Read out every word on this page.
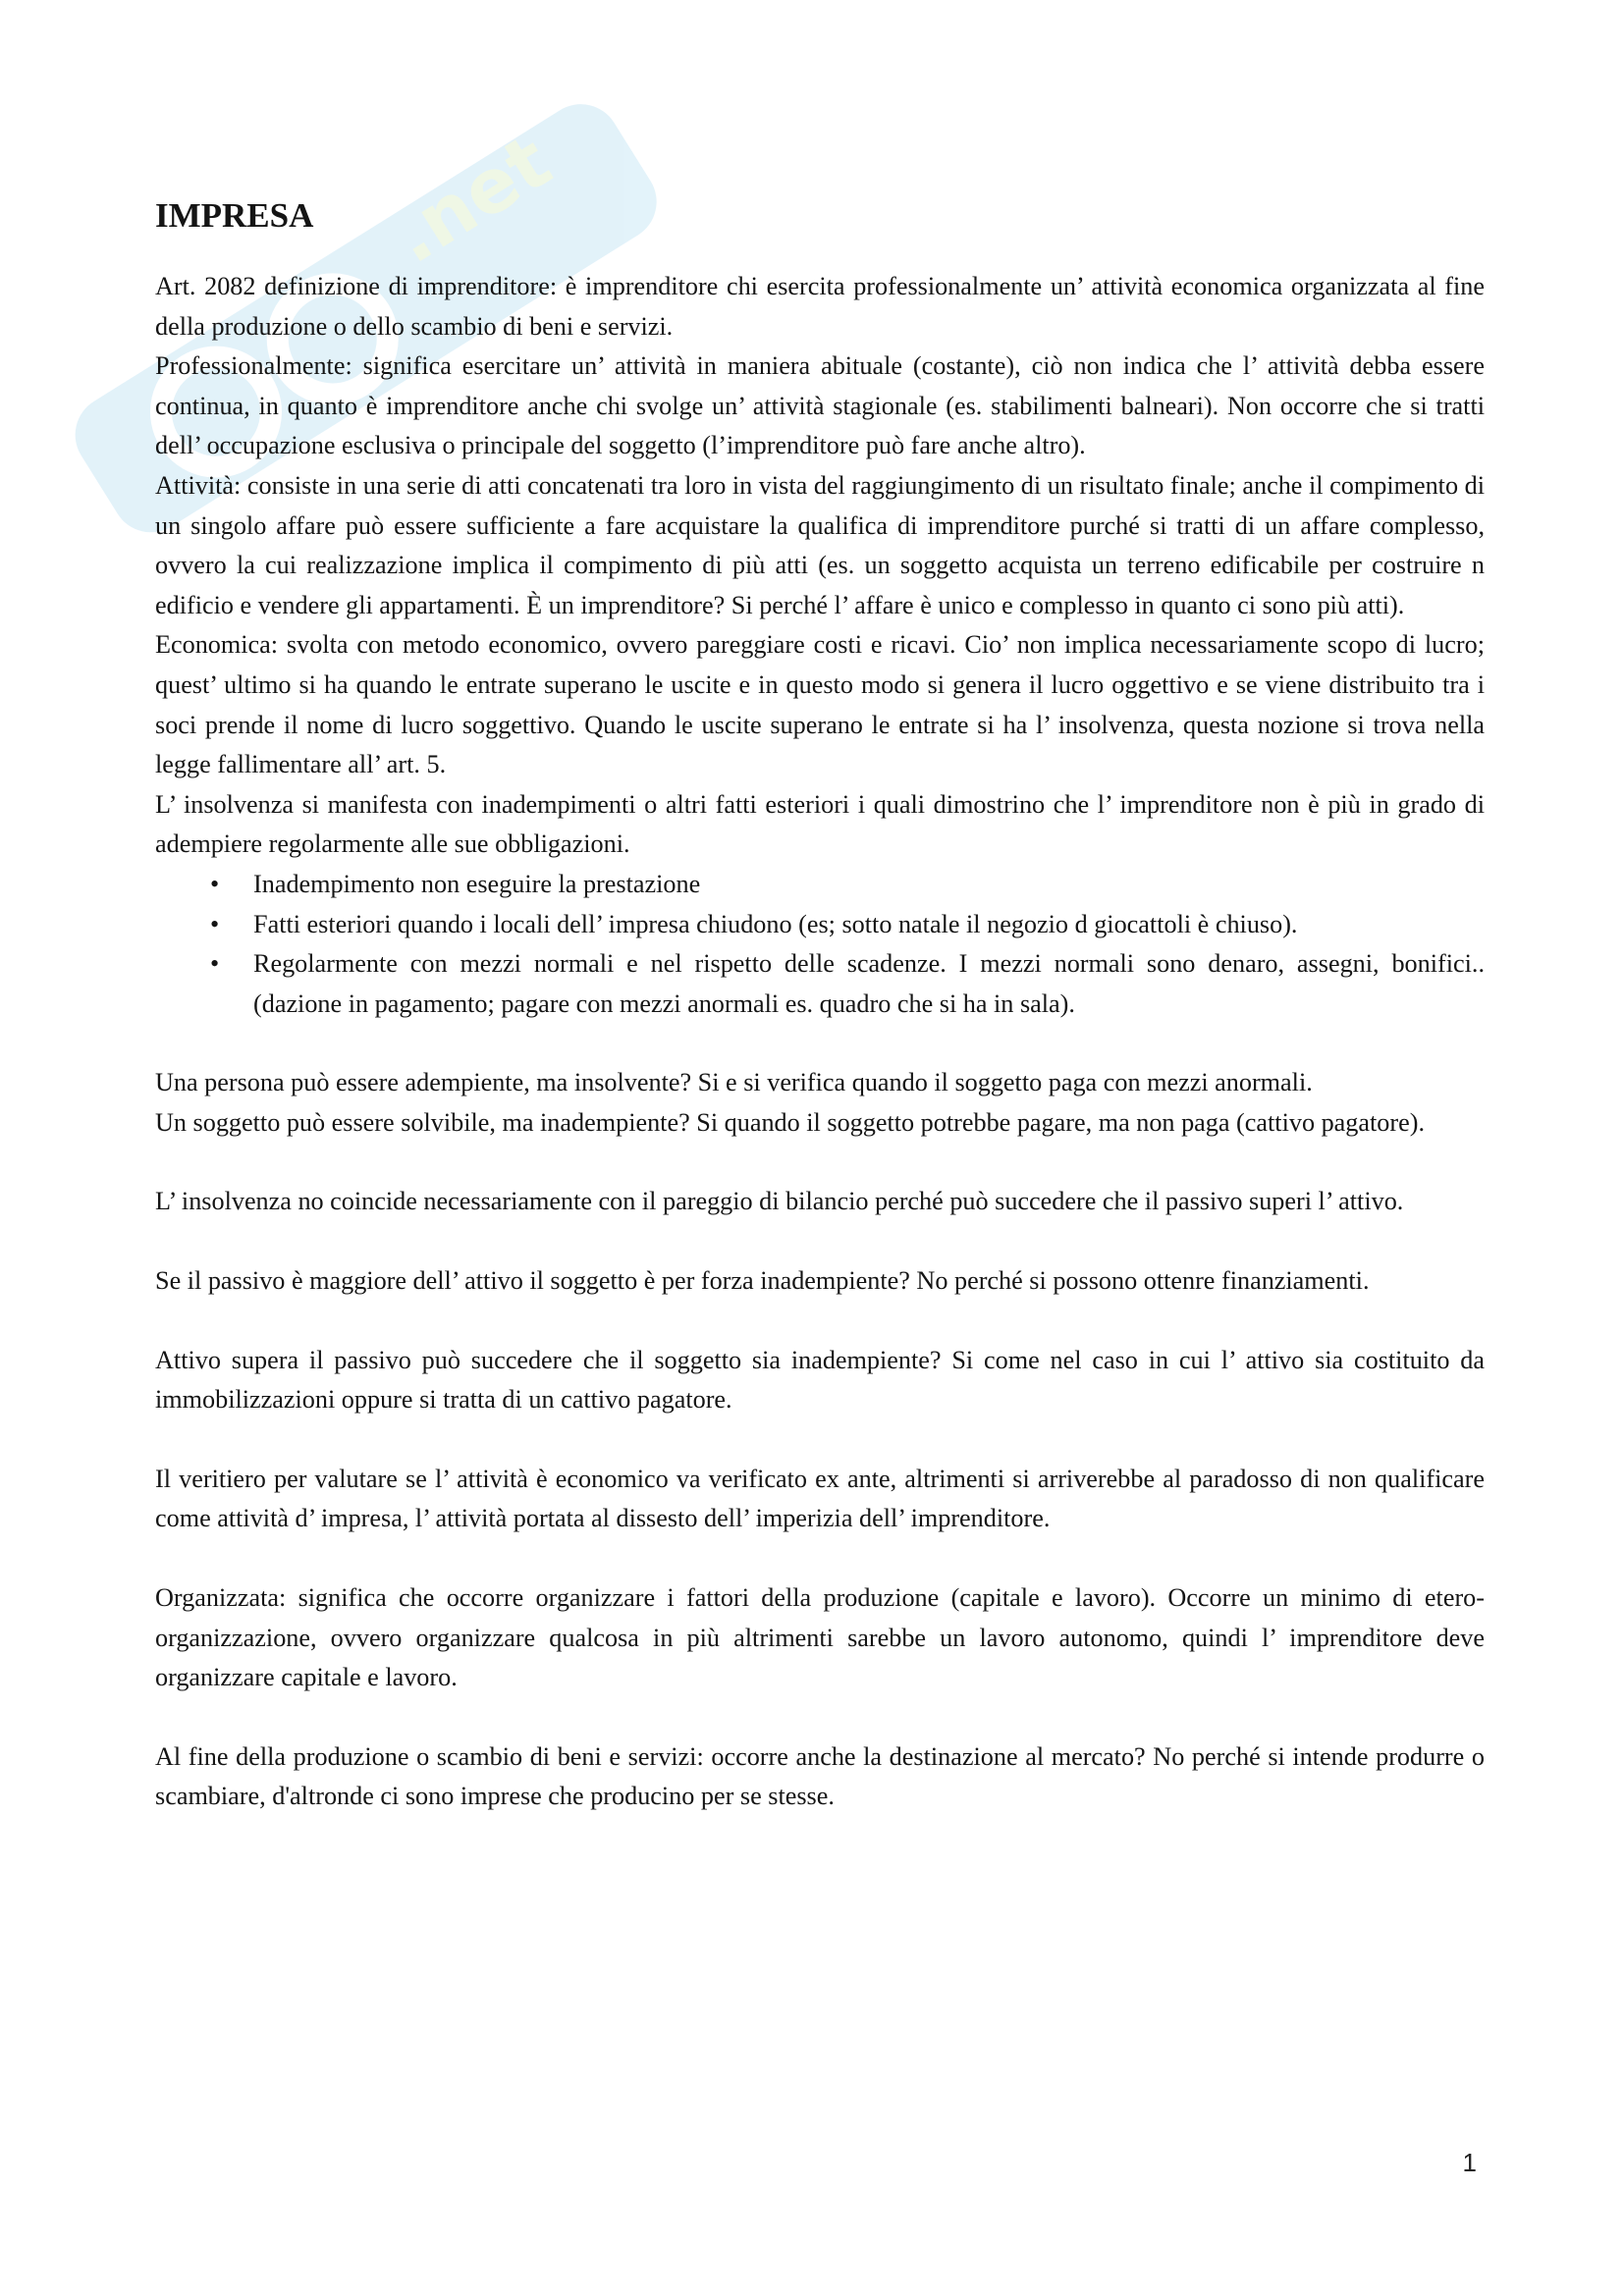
.net
IMPRESA

Art. 2082 definizione di imprenditore: è imprenditore chi esercita professionalmente un’ attività economica organizzata al fine della produzione o dello scambio di beni e servizi.

Professionalmente: significa esercitare un’ attività in maniera abituale (costante), ciò non indica che l’ attività debba essere continua, in quanto è imprenditore anche chi svolge un’ attività stagionale (es. stabilimenti balneari). Non occorre che si tratti dell’ occupazione esclusiva o principale del soggetto (l’imprenditore può fare anche altro).

Attività: consiste in una serie di atti concatenati tra loro in vista del raggiungimento di un risultato finale; anche il compimento di un singolo affare può essere sufficiente a fare acquistare la qualifica di imprenditore purché si tratti di un affare complesso, ovvero la cui realizzazione implica il compimento di più atti (es. un soggetto acquista un terreno edificabile per costruire n edificio e vendere gli appartamenti. È un imprenditore? Si perché l’ affare è unico e complesso in quanto ci sono più atti).

Economica: svolta con metodo economico, ovvero pareggiare costi e ricavi. Cio’ non implica necessariamente scopo di lucro; quest’ ultimo si ha quando le entrate superano le uscite e in questo modo si genera il lucro oggettivo e se viene distribuito tra i soci prende il nome di lucro soggettivo. Quando le uscite superano le entrate si ha l’ insolvenza, questa nozione si trova nella legge fallimentare all’ art. 5.

L’ insolvenza si manifesta con inadempimenti o altri fatti esteriori i quali dimostrino che l’ imprenditore non è più in grado di adempiere regolarmente alle sue obbligazioni.

• Inadempimento non eseguire la prestazione
• Fatti esteriori quando i locali dell’ impresa chiudono (es; sotto natale il negozio d giocattoli è chiuso).
• Regolarmente con mezzi normali e nel rispetto delle scadenze. I mezzi normali sono denaro, assegni, bonifici.. (dazione in pagamento; pagare con mezzi anormali es. quadro che si ha in sala).

Una persona può essere adempiente, ma insolvente? Si e si verifica quando il soggetto paga con mezzi anormali.

Un soggetto può essere solvibile, ma inadempiente? Si quando il soggetto potrebbe pagare, ma non paga (cattivo pagatore).

L’ insolvenza no coincide necessariamente con il pareggio di bilancio perché può succedere che il passivo superi l’ attivo.

Se il passivo è maggiore dell’ attivo il soggetto è per forza inadempiente? No perché si possono ottenre finanziamenti.

Attivo supera il passivo può succedere che il soggetto sia inadempiente? Si come nel caso in cui l’ attivo sia costituito da immobilizzazioni oppure si tratta di un cattivo pagatore.

Il veritiero per valutare se l’ attività è economico va verificato ex ante, altrimenti si arriverebbe al paradosso di non qualificare come attività d’ impresa, l’ attività portata al dissesto dell’ imperizia dell’ imprenditore.

Organizzata: significa che occorre organizzare i fattori della produzione (capitale e lavoro). Occorre un minimo di etero-organizzazione, ovvero organizzare qualcosa in più altrimenti sarebbe un lavoro autonomo, quindi l’ imprenditore deve organizzare capitale e lavoro.

Al fine della produzione o scambio di beni e servizi: occorre anche la destinazione al mercato? No perché si intende produrre o scambiare, d'altronde ci sono imprese che producino per se stesse.

1
